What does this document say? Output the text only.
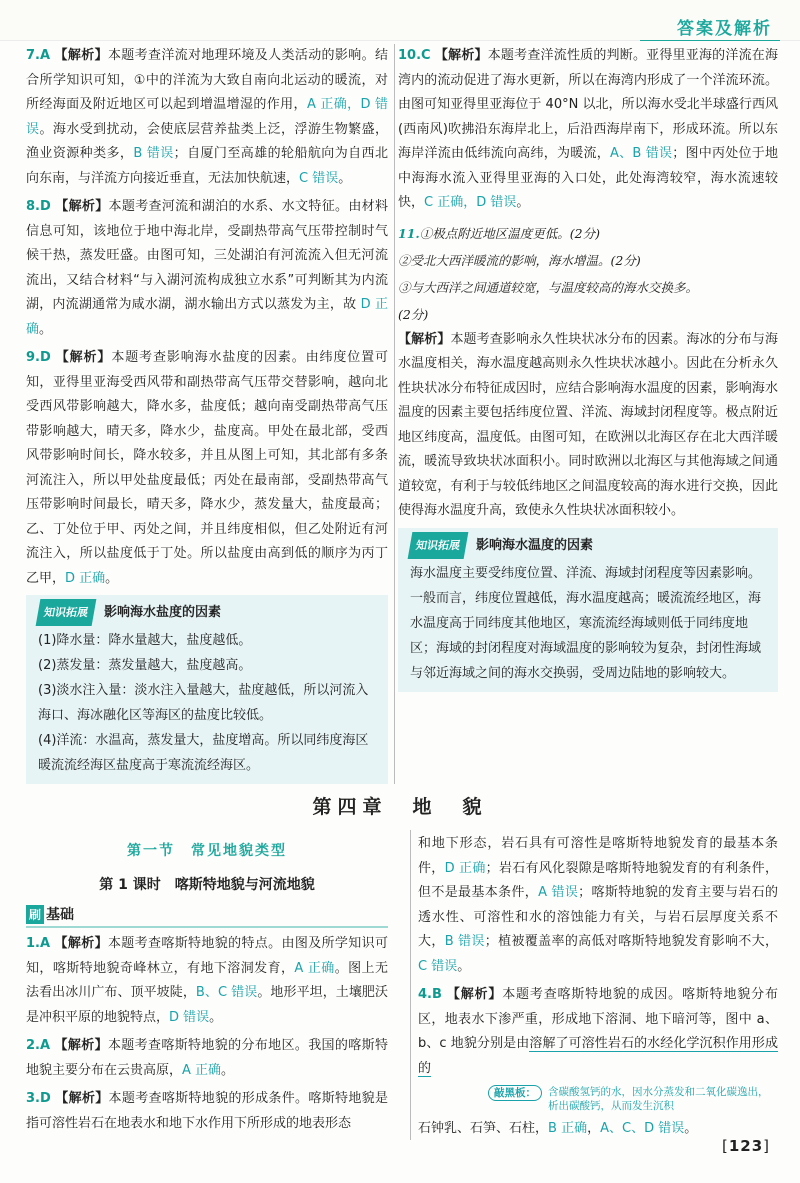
答案及解析

7.A 【解析】本题考查洋流对地理环境及人类活动的影响。结合所学知识可知，①中的洋流为大致自南向北运动的暖流，对所经海面及附近地区可以起到增温增湿的作用，A 正确，D 错误。海水受到扰动，会使底层营养盐类上泛，浮游生物繁盛，渔业资源种类多，B 错误；自厦门至高雄的轮船航向为自西北向东南，与洋流方向接近垂直，无法加快航速，C 错误。

8.D 【解析】本题考查河流和湖泊的水系、水文特征。由材料信息可知，该地位于地中海北岸，受副热带高气压带控制时气候干热，蒸发旺盛。由图可知，三处湖泊有河流流入但无河流流出，又结合材料“与入湖河流构成独立水系”可判断其为内流湖，内流湖通常为咸水湖，湖水输出方式以蒸发为主，故 D 正确。

9.D 【解析】本题考查影响海水盐度的因素。由纬度位置可知，亚得里亚海受西风带和副热带高气压带交替影响，越向北受西风带影响越大，降水多，盐度低；越向南受副热带高气压带影响越大，晴天多，降水少，盐度高。甲处在最北部，受西风带影响时间长，降水较多，并且从图上可知，其北部有多条河流注入，所以甲处盐度最低；丙处在最南部，受副热带高气压带影响时间最长，晴天多，降水少，蒸发量大，盐度最高；乙、丁处位于甲、丙处之间，并且纬度相似，但乙处附近有河流注入，所以盐度低于丁处。所以盐度由高到低的顺序为丙丁乙甲，D 正确。

知识拓展	影响海水盐度的因素

(1)降水量：降水量越大，盐度越低。

(2)蒸发量：蒸发量越大，盐度越高。

(3)淡水注入量：淡水注入量越大，盐度越低，所以河流入海口、海冰融化区等海区的盐度比较低。

(4)洋流：水温高，蒸发量大，盐度增高。所以同纬度海区暖流流经海区盐度高于寒流流经海区。

10.C 【解析】本题考查洋流性质的判断。亚得里亚海的洋流在海湾内的流动促进了海水更新，所以在海湾内形成了一个洋流环流。由图可知亚得里亚海位于 40°N 以北，所以海水受北半球盛行西风(西南风)吹拂沿东海岸北上，后沿西海岸南下，形成环流。所以东海岸洋流由低纬流向高纬，为暖流，A、B 错误；图中丙处位于地中海海水流入亚得里亚海的入口处，此处海湾较窄，海水流速较快，C 正确，D 错误。

11.①极点附近地区温度更低。(2分)

②受北大西洋暖流的影响，海水增温。(2分)

③与大西洋之间通道较宽，与温度较高的海水交换多。

(2分)

【解析】本题考查影响永久性块状冰分布的因素。海冰的分布与海水温度相关，海水温度越高则永久性块状冰越小。因此在分析永久性块状冰分布特征成因时，应结合影响海水温度的因素，影响海水温度的因素主要包括纬度位置、洋流、海域封闭程度等。极点附近地区纬度高，温度低。由图可知，在欧洲以北海区存在北大西洋暖流，暖流导致块状冰面积小。同时欧洲以北海区与其他海域之间通道较宽，有利于与较低纬地区之间温度较高的海水进行交换，因此使得海水温度升高，致使永久性块状冰面积较小。

知识拓展	影响海水温度的因素

海水温度主要受纬度位置、洋流、海域封闭程度等因素影响。一般而言，纬度位置越低，海水温度越高；暖流流经地区，海水温度高于同纬度其他地区，寒流流经海域则低于同纬度地区；海域的封闭程度对海域温度的影响较为复杂，封闭性海域与邻近海域之间的海水交换弱，受周边陆地的影响较大。

第四章　地　貌
第一节　常见地貌类型
第 1 课时　喀斯特地貌与河流地貌
刷 基础

1.A 【解析】本题考查喀斯特地貌的特点。由图及所学知识可知，喀斯特地貌奇峰林立，有地下溶洞发育，A 正确。图上无法看出冰川广布、顶平坡陡，B、C 错误。地形平坦，土壤肥沃是冲积平原的地貌特点，D 错误。

2.A 【解析】本题考查喀斯特地貌的分布地区。我国的喀斯特地貌主要分布在云贵高原，A 正确。

3.D 【解析】本题考查喀斯特地貌的形成条件。喀斯特地貌是指可溶性岩石在地表水和地下水作用下所形成的地表形态

和地下形态，岩石具有可溶性是喀斯特地貌发育的最基本条件，D 正确；岩石有风化裂隙是喀斯特地貌发育的有利条件，但不是最基本条件，A 错误；喀斯特地貌的发育主要与岩石的透水性、可溶性和水的溶蚀能力有关，与岩石层厚度关系不大，B 错误；植被覆盖率的高低对喀斯特地貌发育影响不大，C 错误。

4.B 【解析】本题考查喀斯特地貌的成因。喀斯特地貌分布区，地表水下渗严重，形成地下溶洞、地下暗河等，图中 a、b、c 地貌分别是由溶解了可溶性岩石的水经化学沉积作用形成的

敲黑板：	含碳酸氢钙的水，因水分蒸发和二氧化碳逸出，析出碳酸钙，从而发生沉积

石钟乳、石笋、石柱，B 正确，A、C、D 错误。

[123]
